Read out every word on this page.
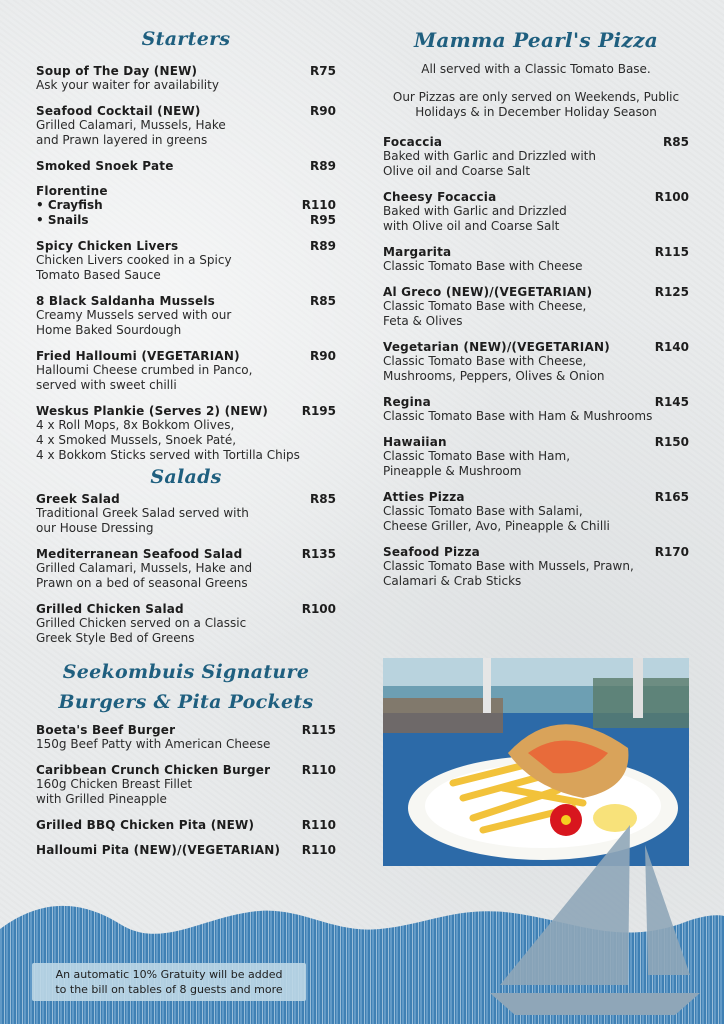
Starters
Soup of The Day (NEW)	R75
Ask your waiter for availability
Seafood Cocktail (NEW)	R90
Grilled Calamari, Mussels, Hake
and Prawn layered in greens
Smoked Snoek Pate	R89
Florentine
• Crayfish	R110
• Snails	R95
Spicy Chicken Livers	R89
Chicken Livers cooked in a Spicy
Tomato Based Sauce
8 Black Saldanha Mussels	R85
Creamy Mussels served with our
Home Baked Sourdough
Fried Halloumi (VEGETARIAN)	R90
Halloumi Cheese crumbed in Panco,
served with sweet chilli
Weskus Plankie (Serves 2) (NEW)	R195
4 x Roll Mops, 8x Bokkom Olives,
4 x Smoked Mussels, Snoek Paté,
4 x Bokkom Sticks served with Tortilla Chips
Salads
Greek Salad	R85
Traditional Greek Salad served with
our House Dressing
Mediterranean Seafood Salad	R135
Grilled Calamari, Mussels, Hake and
Prawn on a bed of seasonal Greens
Grilled Chicken Salad	R100
Grilled Chicken served on a Classic
Greek Style Bed of Greens
Seekombuis Signature
Burgers & Pita Pockets
Boeta's Beef Burger	R115
150g Beef Patty with American Cheese
Caribbean Crunch Chicken Burger	R110
160g Chicken Breast Fillet
with Grilled Pineapple
Grilled BBQ Chicken Pita (NEW)	R110
Halloumi Pita (NEW)/(VEGETARIAN) R110
Mamma Pearl's Pizza
All served with a Classic Tomato Base.
Our Pizzas are only served on Weekends, Public
Holidays & in December Holiday Season
Focaccia	R85
Baked with Garlic and Drizzled with
Olive oil and Coarse Salt
Cheesy Focaccia	R100
Baked with Garlic and Drizzled
with Olive oil and Coarse Salt
Margarita	R115
Classic Tomato Base with Cheese
Al Greco (NEW)/(VEGETARIAN)	R125
Classic Tomato Base with Cheese,
Feta & Olives
Vegetarian (NEW)/(VEGETARIAN)	R140
Classic Tomato Base with Cheese,
Mushrooms, Peppers, Olives & Onion
Regina	R145
Classic Tomato Base with Ham & Mushrooms
Hawaiian	R150
Classic Tomato Base with Ham,
Pineapple & Mushroom
Atties Pizza	R165
Classic Tomato Base with Salami,
Cheese Griller, Avo, Pineapple & Chilli
Seafood Pizza	R170
Classic Tomato Base with Mussels, Prawn,
Calamari & Crab Sticks
An automatic 10% Gratuity will be added
to the bill on tables of 8 guests and more
